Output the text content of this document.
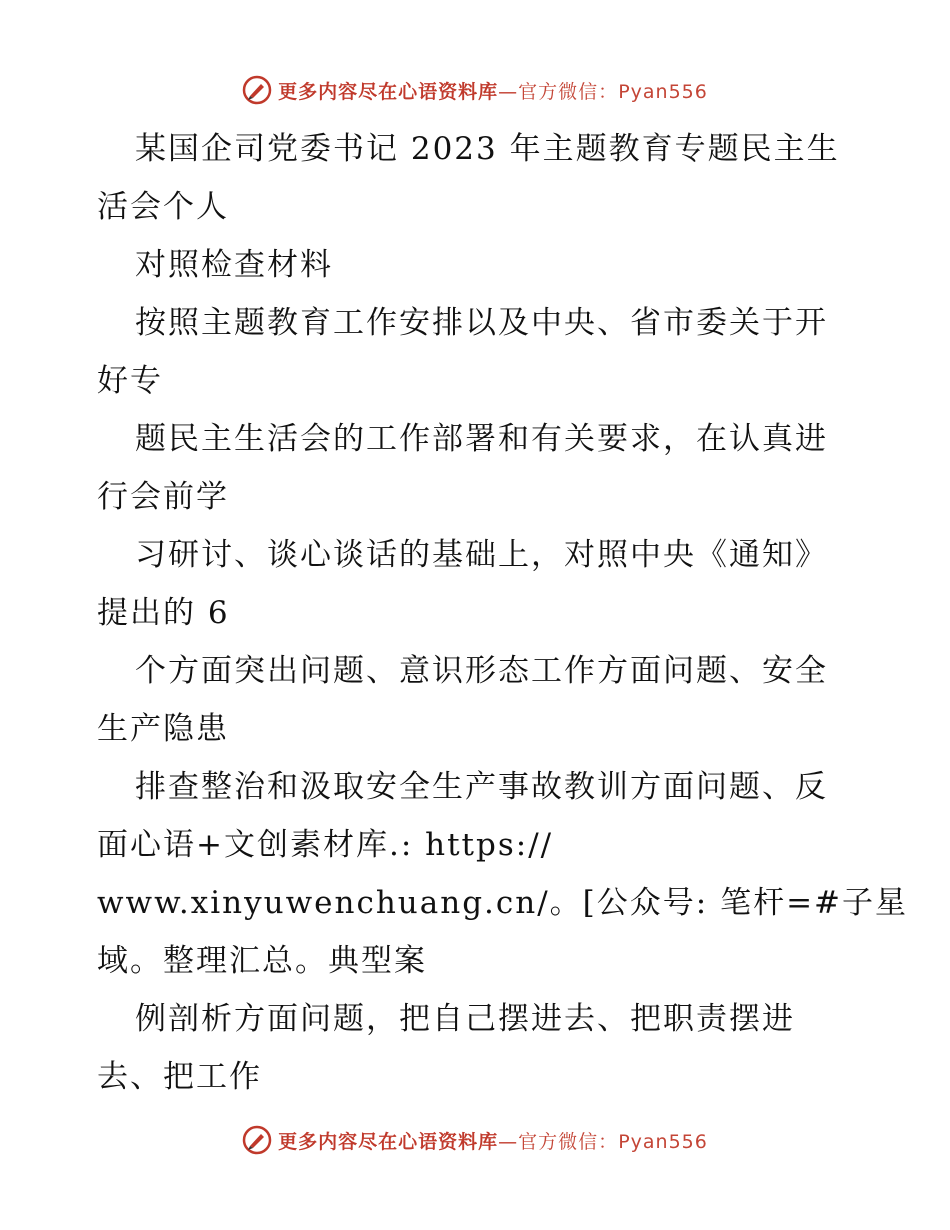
更多内容尽在心语资料库—官方微信：Pyan556
某国企司党委书记 2023 年主题教育专题民主生
活会个人
对照检查材料
按照主题教育工作安排以及中央、省市委关于开
好专
题民主生活会的工作部署和有关要求，在认真进
行会前学
习研讨、谈心谈话的基础上，对照中央《通知》
提出的 6
个方面突出问题、意识形态工作方面问题、安全
生产隐患
排查整治和汲取安全生产事故教训方面问题、反
面心语+文创素材库.: https://
www.xinyuwenchuang.cn/。[公众号: 笔杆=#子星
域。整理汇总。典型案
例剖析方面问题，把自己摆进去、把职责摆进
去、把工作
更多内容尽在心语资料库—官方微信：Pyan556
